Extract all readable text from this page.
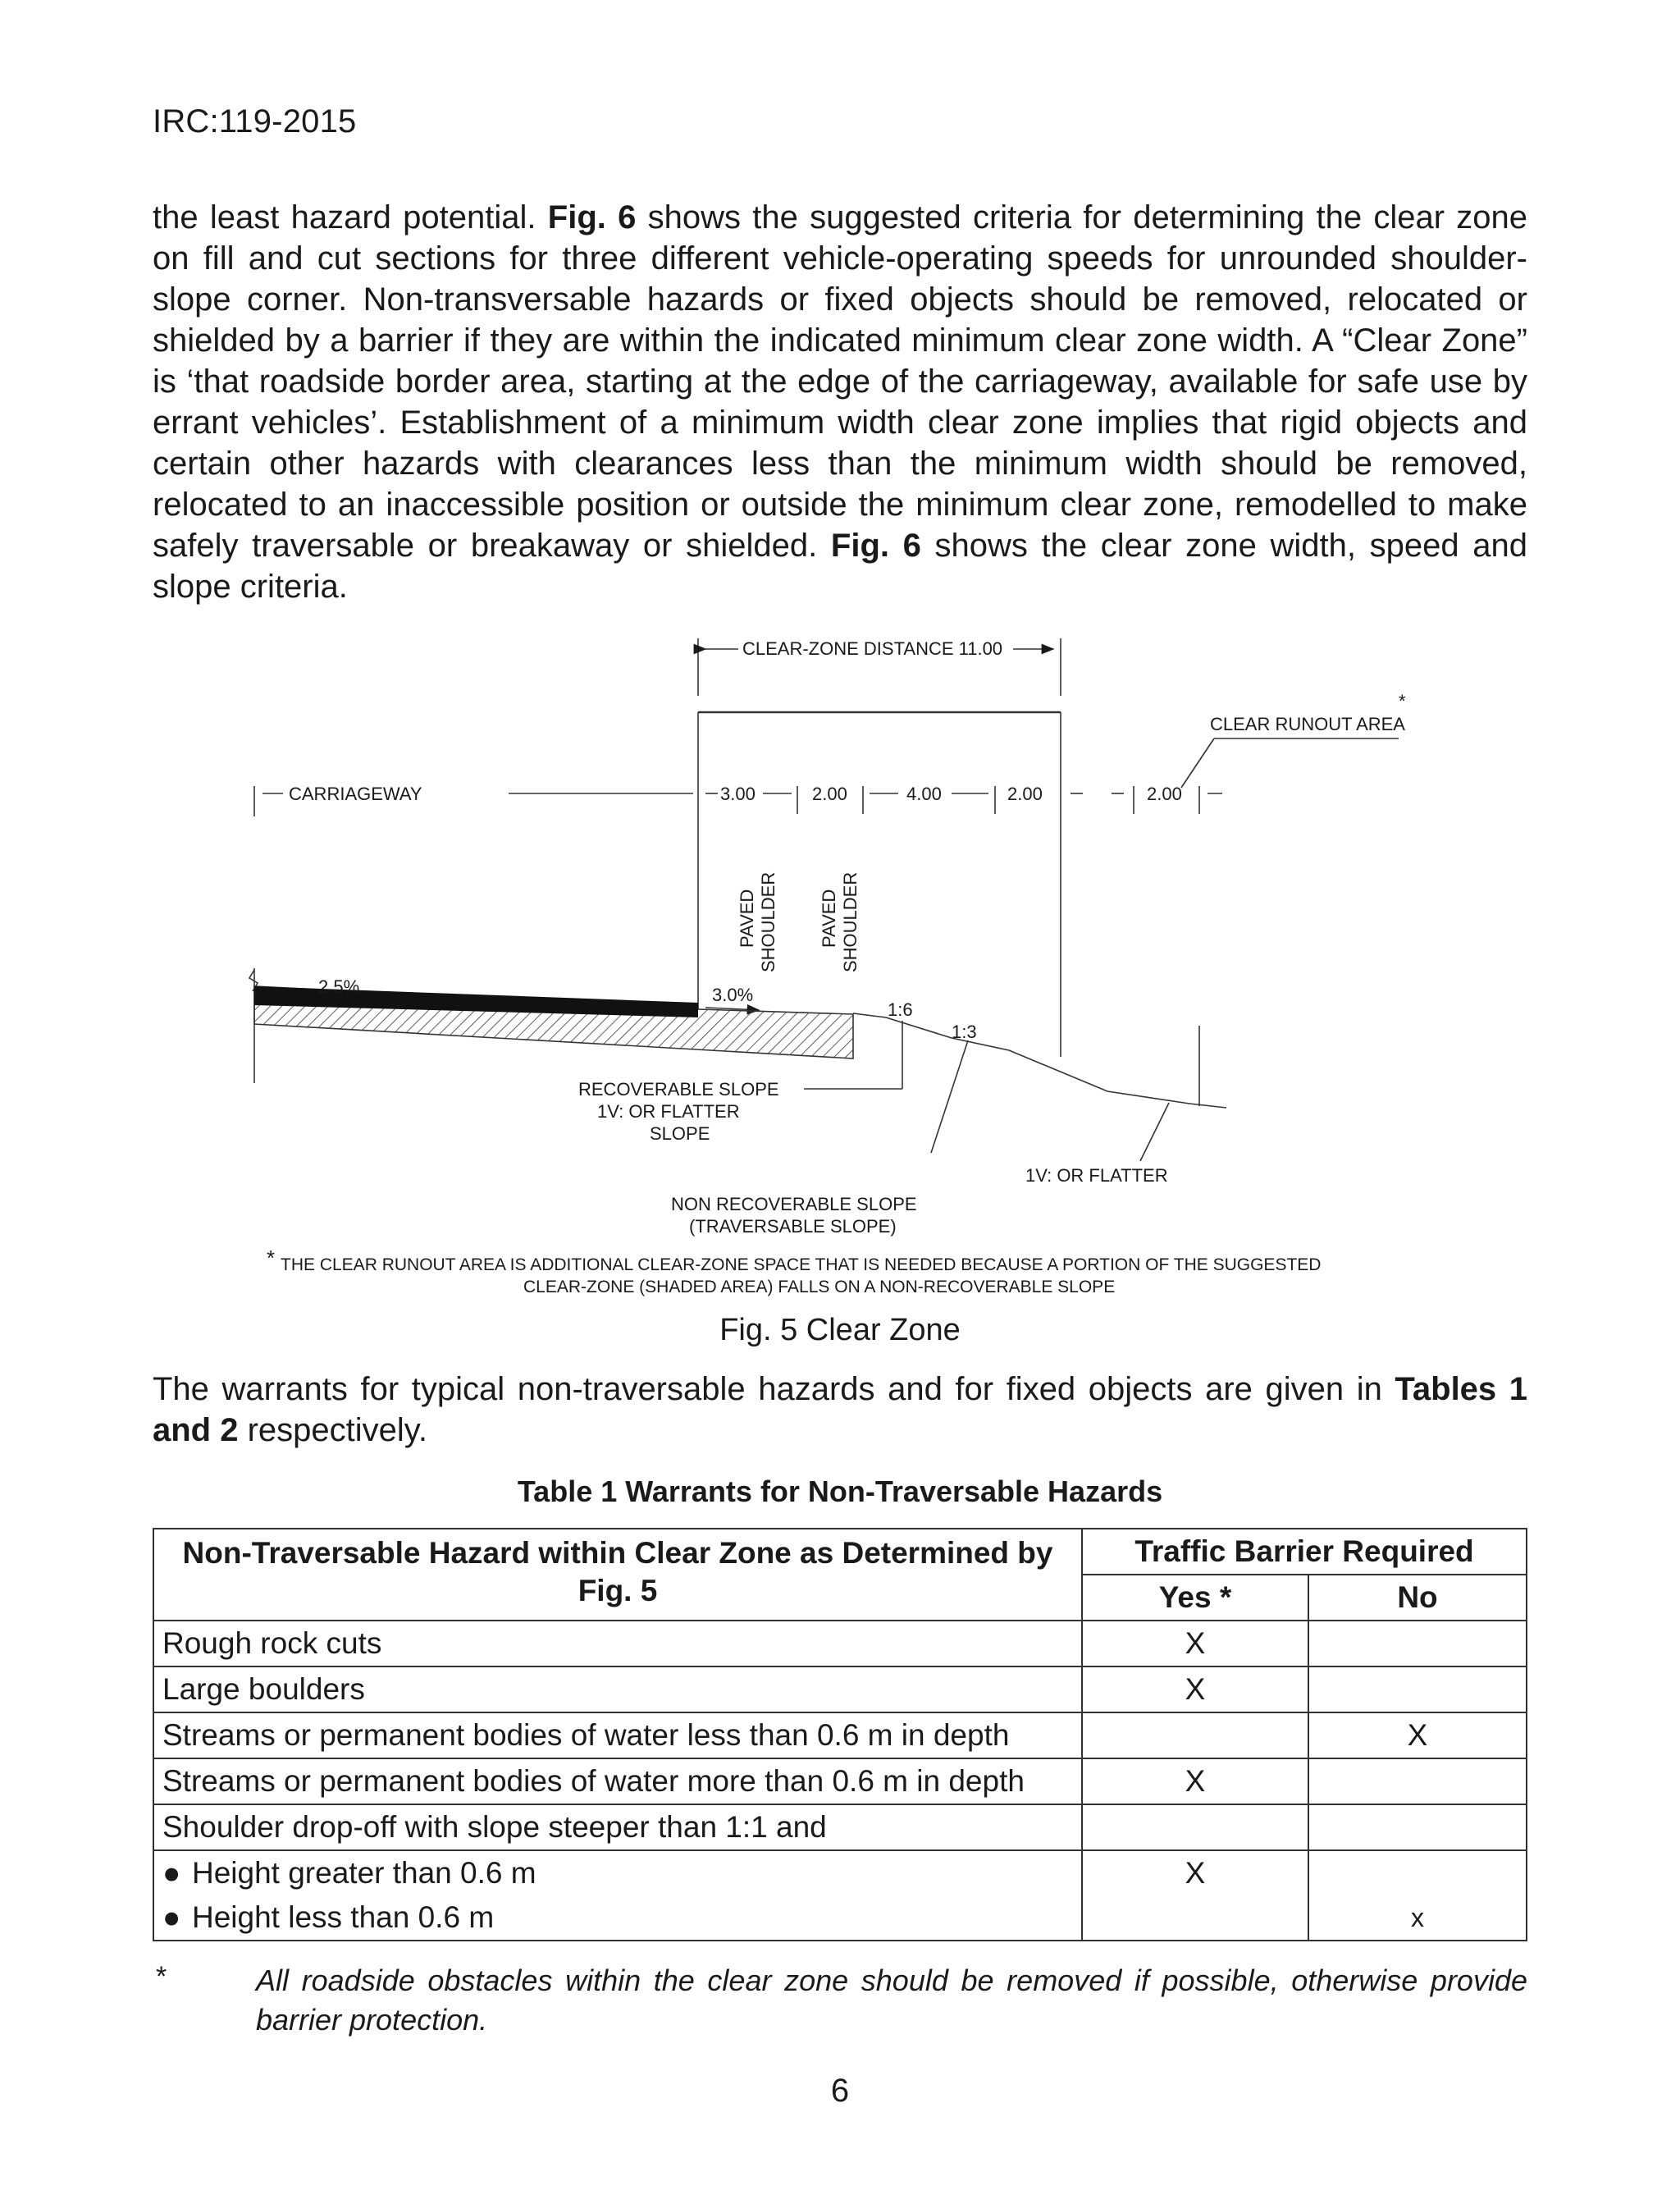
IRC:119-2015
the least hazard potential. Fig. 6 shows the suggested criteria for determining the clear zone on fill and cut sections for three different vehicle-operating speeds for unrounded shoulder-slope corner. Non-transversable hazards or fixed objects should be removed, relocated or shielded by a barrier if they are within the indicated minimum clear zone width. A “Clear Zone” is ‘that roadside border area, starting at the edge of the carriageway, available for safe use by errant vehicles’. Establishment of a minimum width clear zone implies that rigid objects and certain other hazards with clearances less than the minimum width should be removed, relocated to an inaccessible position or outside the minimum clear zone, remodelled to make safely traversable or breakaway or shielded. Fig. 6 shows the clear zone width, speed and slope criteria.
CLEAR-ZONE DISTANCE 11.00
CLEAR RUNOUT AREA
*
CARRIAGEWAY	3.00	2.00	4.00	2.00	2.00
PAVED SHOULDER PAVED SHOULDER
2.5%	3.0%
1:6
1:3
RECOVERABLE SLOPE
1V: OR FLATTER
SLOPE
1V: OR FLATTER
NON RECOVERABLE SLOPE
(TRAVERSABLE SLOPE)
* THE CLEAR RUNOUT AREA IS ADDITIONAL CLEAR-ZONE SPACE THAT IS NEEDED BECAUSE A PORTION OF THE SUGGESTED
CLEAR-ZONE (SHADED AREA) FALLS ON A NON-RECOVERABLE SLOPE
Fig. 5 Clear Zone
The warrants for typical non-traversable hazards and for fixed objects are given in Tables 1 and 2 respectively.
Table 1 Warrants for Non-Traversable Hazards
Non-Traversable Hazard within Clear Zone as Determined by Fig. 5	Traffic Barrier Required	
	Yes *	No
Rough rock cuts	X	
Large boulders	X	
Streams or permanent bodies of water less than 0.6 m in depth		X
Streams or permanent bodies of water more than 0.6 m in depth	X	
Shoulder drop-off with slope steeper than 1:1 and		
● Height greater than 0.6 m	X	
● Height less than 0.6 m		x
*	All roadside obstacles within the clear zone should be removed if possible, otherwise provide barrier protection.
6
